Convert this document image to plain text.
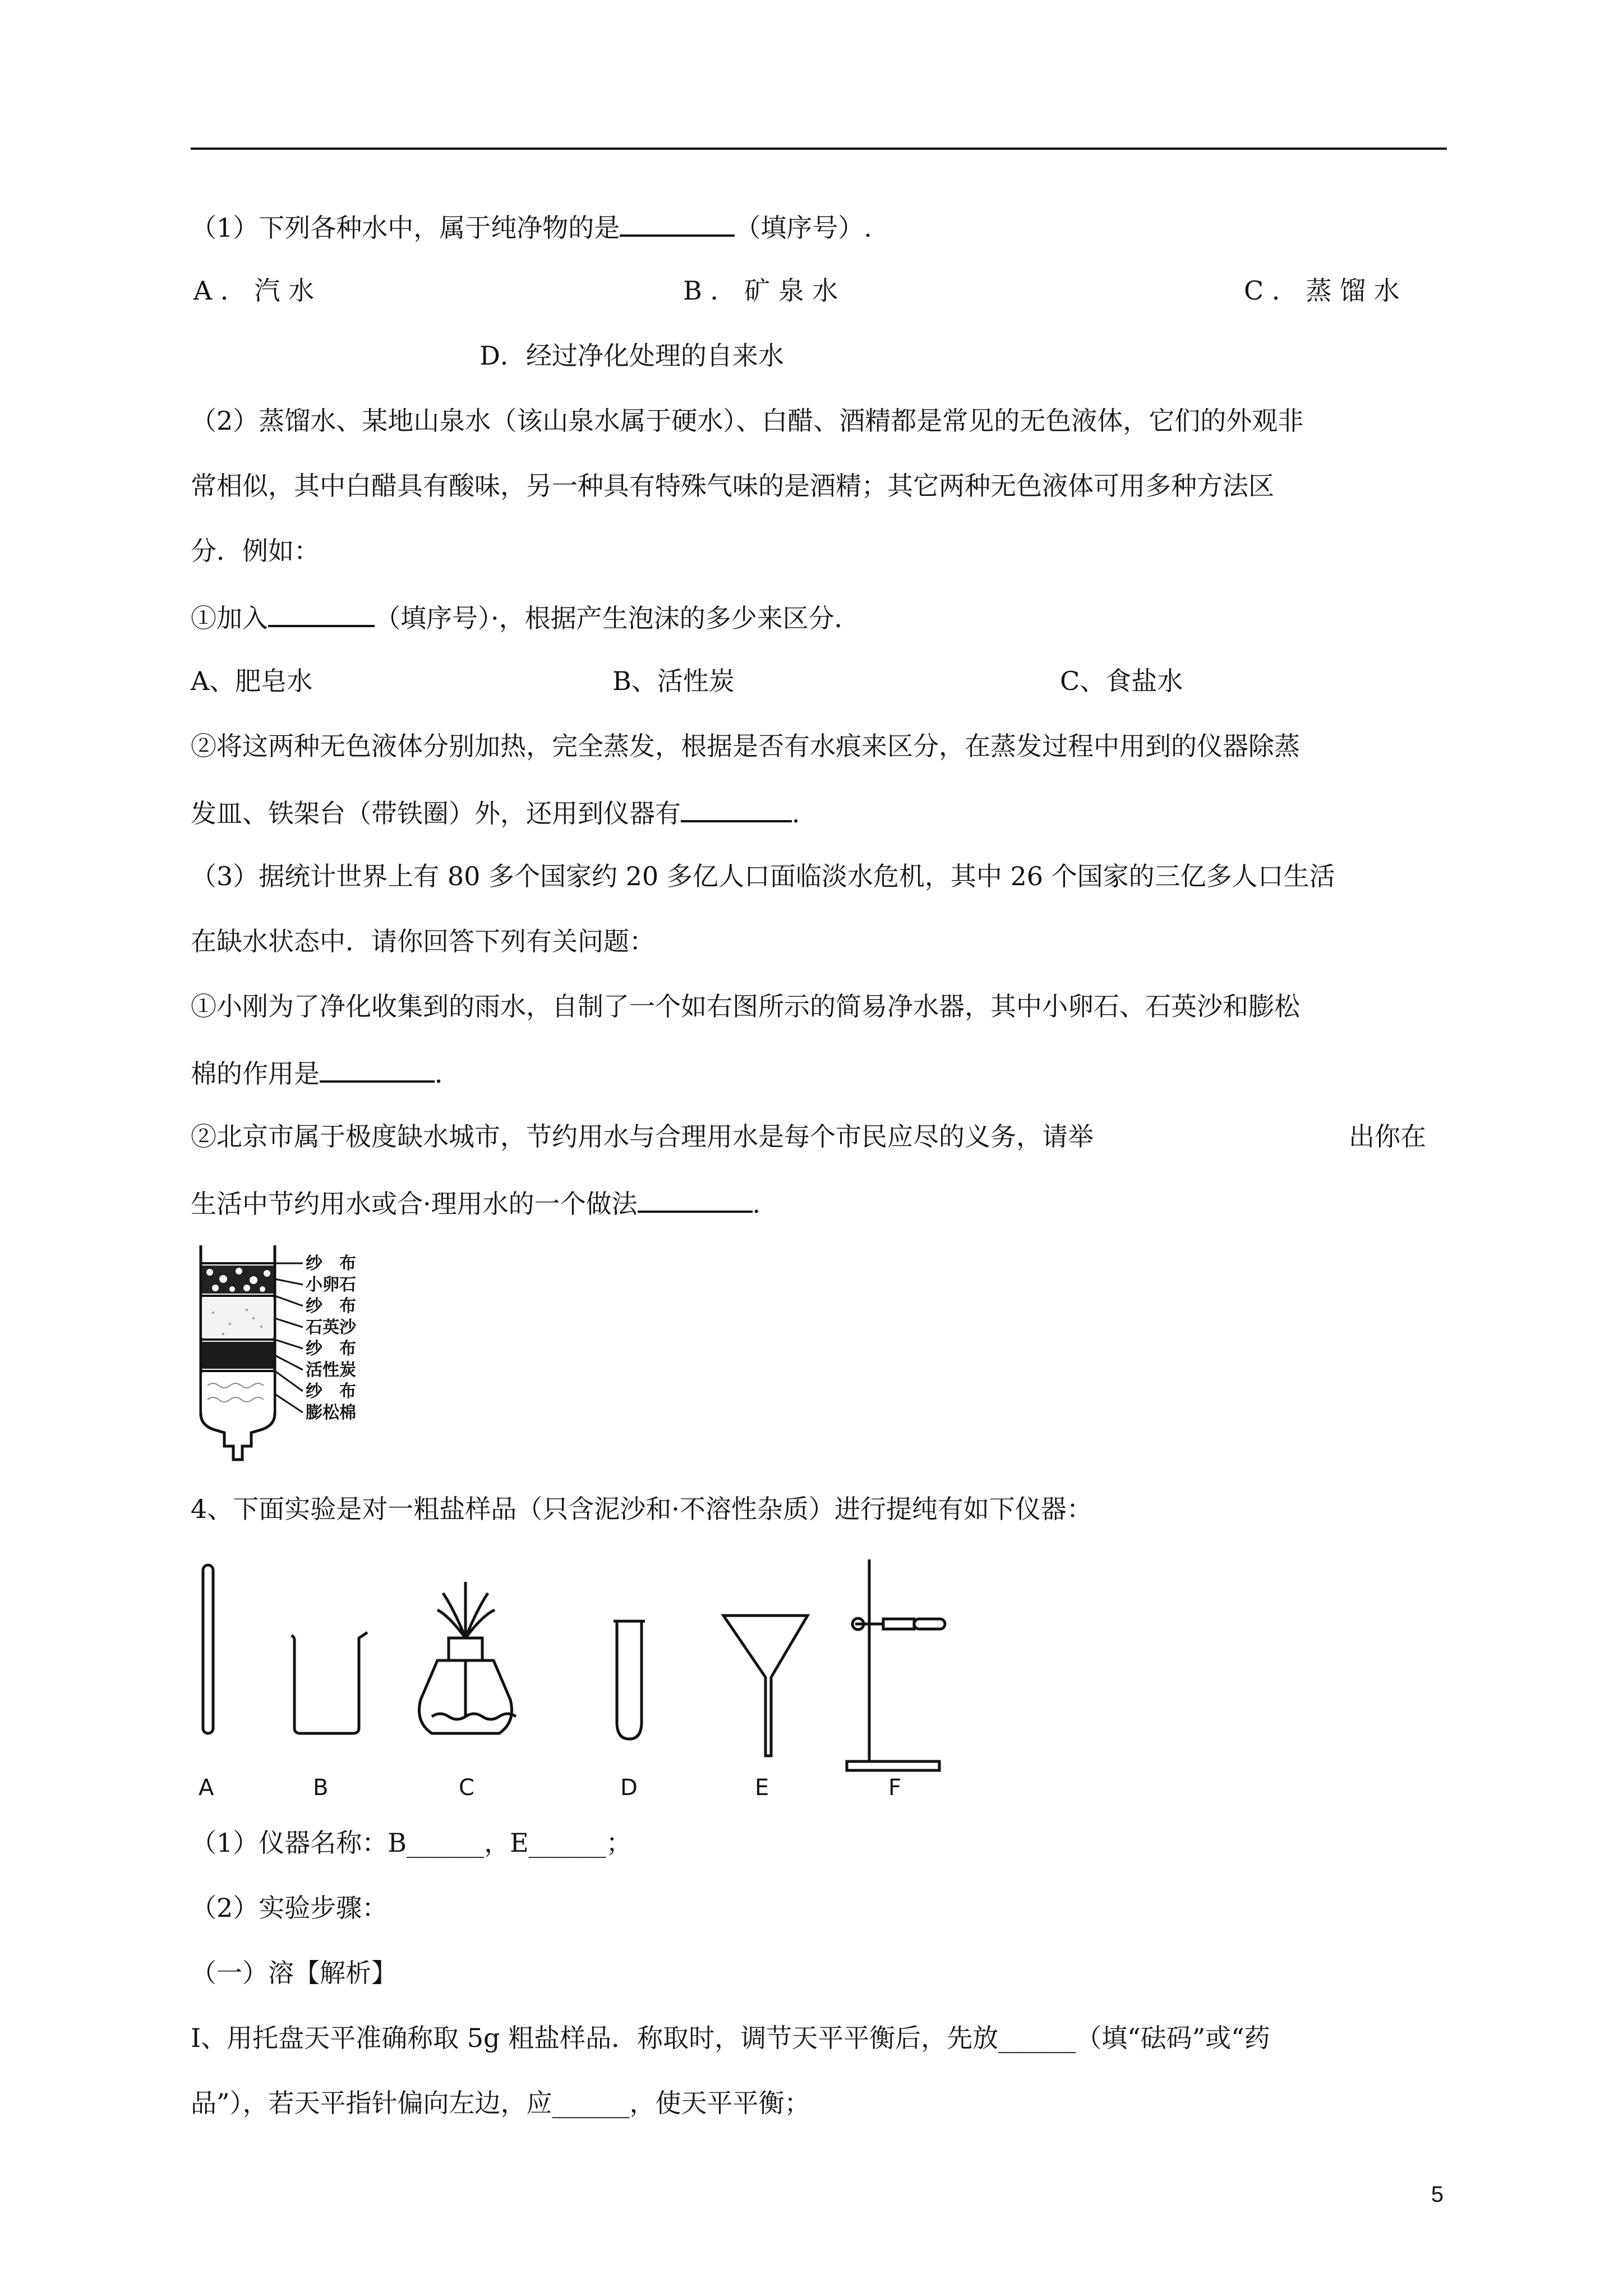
（1）下列各种水中，属于纯净物的是	（填序号）.
A ． 汽 水	B ． 矿 泉 水	C ． 蒸 馏 水
D．经过净化处理的自来水
（2）蒸馏水、某地山泉水（该山泉水属于硬水）、白醋、酒精都是常见的无色液体，它们的外观非
常相似，其中白醋具有酸味，另一种具有特殊气味的是酒精；其它两种无色液体可用多种方法区
分．例如：
①加入	（填序号）·，根据产生泡沫的多少来区分．
A、肥皂水	B、活性炭	C、食盐水
②将这两种无色液体分别加热，完全蒸发，根据是否有水痕来区分，在蒸发过程中用到的仪器除蒸
发皿、铁架台（带铁圈）外，还用到仪器有	．
（3）据统计世界上有 80 多个国家约 20 多亿人口面临淡水危机，其中 26 个国家的三亿多人口生活
在缺水状态中．请你回答下列有关问题：
①小刚为了净化收集到的雨水，自制了一个如右图所示的简易净水器，其中小卵石、石英沙和膨松
棉的作用是	．
②北京市属于极度缺水城市，节约用水与合理用水是每个市民应尽的义务，请举	出你在
生活中节约用水或合·理用水的一个做法	．
纱　布
小卵石
纱　布
石英沙
纱　布
活性炭
纱　布
膨松棉
4、下面实验是对一粗盐样品（只含泥沙和·不溶性杂质）进行提纯有如下仪器：
A	B	C	D	E	F
（1）仪器名称：B______，E______；
（2）实验步骤：
（一）溶【解析】
Ⅰ、用托盘天平准确称取 5g 粗盐样品．称取时，调节天平平衡后，先放______（填“砝码”或“药
品”），若天平指针偏向左边，应______，使天平平衡；
5
